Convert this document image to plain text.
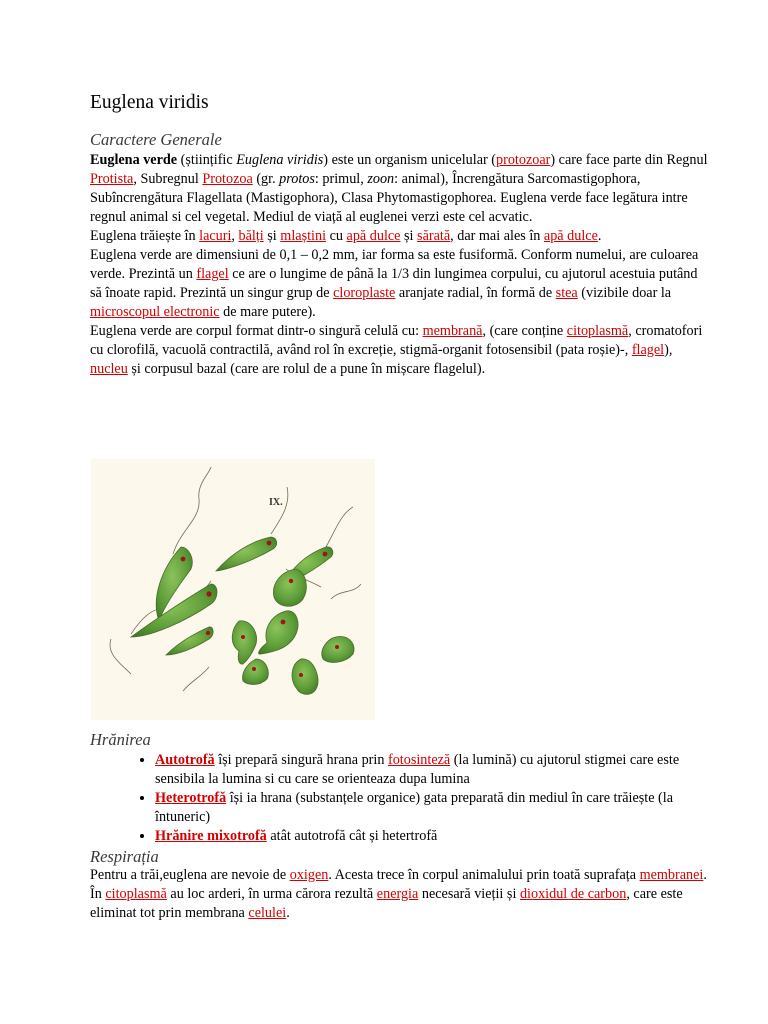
Euglena viridis
Caractere Generale

Euglena verde (științific Euglena viridis) este un organism unicelular (protozoar) care face parte din Regnul Protista, Subregnul Protozoa (gr. protos: primul, zoon: animal), Încrengătura Sarcomastigophora, Subîncrengătura Flagellata (Mastigophora), Clasa Phytomastigophorea. Euglena verde face legătura intre regnul animal si cel vegetal. Mediul de viață al euglenei verzi este cel acvatic.

Euglena trăiește în lacuri, bălți și mlaștini cu apă dulce și sărată, dar mai ales în apă dulce.

Euglena verde are dimensiuni de 0,1 – 0,2 mm, iar forma sa este fusiformă. Conform numelui, are culoarea verde. Prezintă un flagel ce are o lungime de până la 1/3 din lungimea corpului, cu ajutorul acestuia putând să înoate rapid. Prezintă un singur grup de cloroplaste aranjate radial, în formă de stea (vizibile doar la microscopul electronic de mare putere).

Euglena verde are corpul format dintr-o singură celulă cu: membrană, (care conține citoplasmă, cromatofori cu clorofilă, vacuolă contractilă, având rol în excreție, stigmă-organit fotosensibil (pata roșie)-, flagel), nucleu și corpusul bazal (care are rolul de a pune în mișcare flagelul).

IX.
Hrănirea
• Autotrofă își prepară singură hrana prin fotosinteză (la lumină) cu ajutorul stigmei care este sensibila la lumina si cu care se orienteaza dupa lumina
• Heterotrofă își ia hrana (substanțele organice) gata preparată din mediul în care trăiește (la întuneric)
• Hrănire mixotrofă atât autotrofă cât și hetertrofă
Respirația

Pentru a trăi,euglena are nevoie de oxigen. Acesta trece în corpul animalului prin toată suprafața membranei. În citoplasmă au loc arderi, în urma cărora rezultă energia necesară vieții și dioxidul de carbon, care este eliminat tot prin membrana celulei.
